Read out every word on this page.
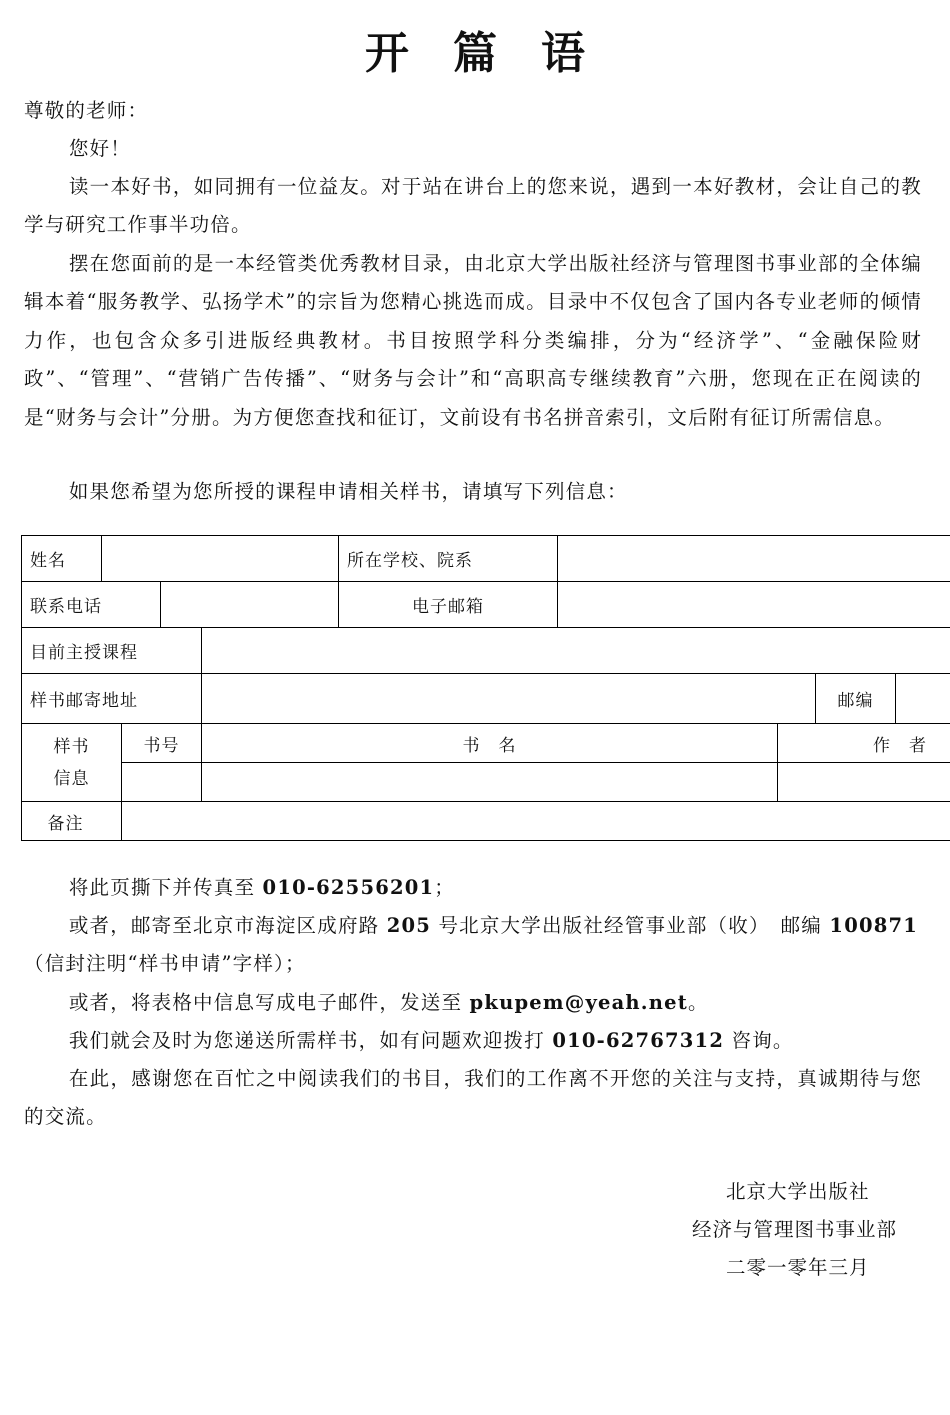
开 篇 语
尊敬的老师：
您好！
读一本好书，如同拥有一位益友。对于站在讲台上的您来说，遇到一本好教材，会让自己的教学与研究工作事半功倍。
摆在您面前的是一本经管类优秀教材目录，由北京大学出版社经济与管理图书事业部的全体编辑本着“服务教学、弘扬学术”的宗旨为您精心挑选而成。目录中不仅包含了国内各专业老师的倾情力作，也包含众多引进版经典教材。书目按照学科分类编排，分为“经济学”、“金融保险财政”、“管理”、“营销广告传播”、“财务与会计”和“高职高专继续教育”六册，您现在正在阅读的是“财务与会计”分册。为方便您查找和征订，文前设有书名拼音索引，文后附有征订所需信息。
如果您希望为您所授的课程申请相关样书，请填写下列信息：
姓名					所在学校、院系				
联系电话					电子邮箱				
目前主授课程									
样书邮寄地址								邮编	

样书
信息		书号		书　名			作　者		

备注									
将此页撕下并传真至 010-62556201；
或者，邮寄至北京市海淀区成府路 205 号北京大学出版社经管事业部（收）　邮编 100871
（信封注明“样书申请”字样）；
或者，将表格中信息写成电子邮件，发送至 pkupem@yeah.net。
我们就会及时为您递送所需样书，如有问题欢迎拨打 010-62767312 咨询。
在此，感谢您在百忙之中阅读我们的书目，我们的工作离不开您的关注与支持，真诚期待与您的交流。
北京大学出版社
经济与管理图书事业部
二零一零年三月
